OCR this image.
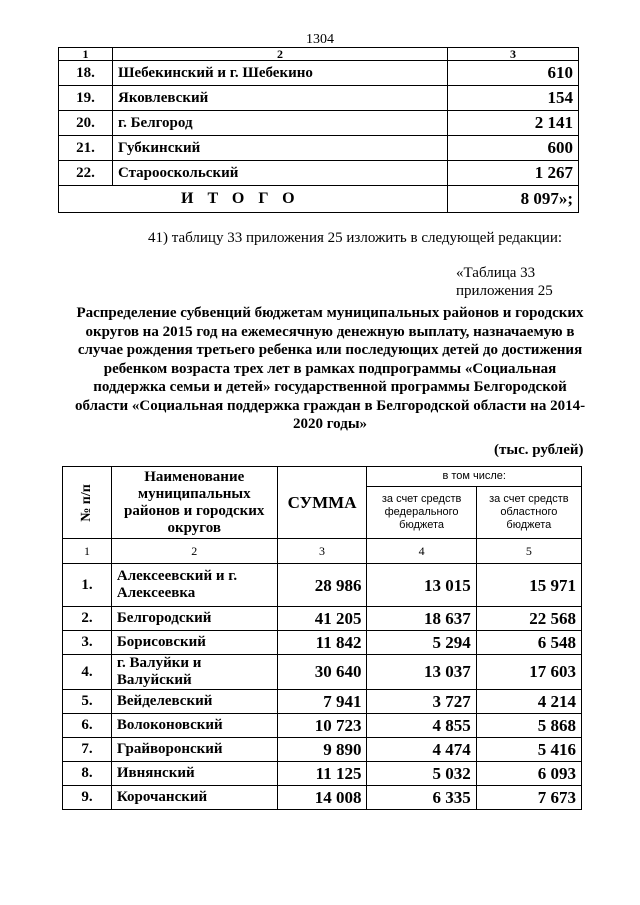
1304
1	2	3
18.	Шебекинский и г. Шебекино	610
19.	Яковлевский	154
20.	г. Белгород	2 141
21.	Губкинский	600
22.	Старооскольский	1 267
ИТОГО		8 097»;
41) таблицу 33 приложения 25 изложить в следующей редакции:
«Таблица 33
приложения 25
Распределение субвенций бюджетам муниципальных районов и городских округов на 2015 год на ежемесячную денежную выплату, назначаемую в случае рождения третьего ребенка или последующих детей до достижения ребенком возраста трех лет в рамках подпрограммы «Социальная поддержка семьи и детей» государственной программы Белгородской области «Социальная поддержка граждан в Белгородской области на 2014-2020 годы»
(тыс. рублей)
№ п/п	Наименование муниципальных районов и городских округов	СУММА	в том числе:	
			за счет средств федерального бюджета	за счет средств областного бюджета
1	2	3	4	5
1.	Алексеевский и г. Алексеевка	28 986	13 015	15 971
2.	Белгородский	41 205	18 637	22 568
3.	Борисовский	11 842	5 294	6 548
4.	г. Валуйки и Валуйский	30 640	13 037	17 603
5.	Вейделевский	7 941	3 727	4 214
6.	Волоконовский	10 723	4 855	5 868
7.	Грайворонский	9 890	4 474	5 416
8.	Ивнянский	11 125	5 032	6 093
9.	Корочанский	14 008	6 335	7 673
